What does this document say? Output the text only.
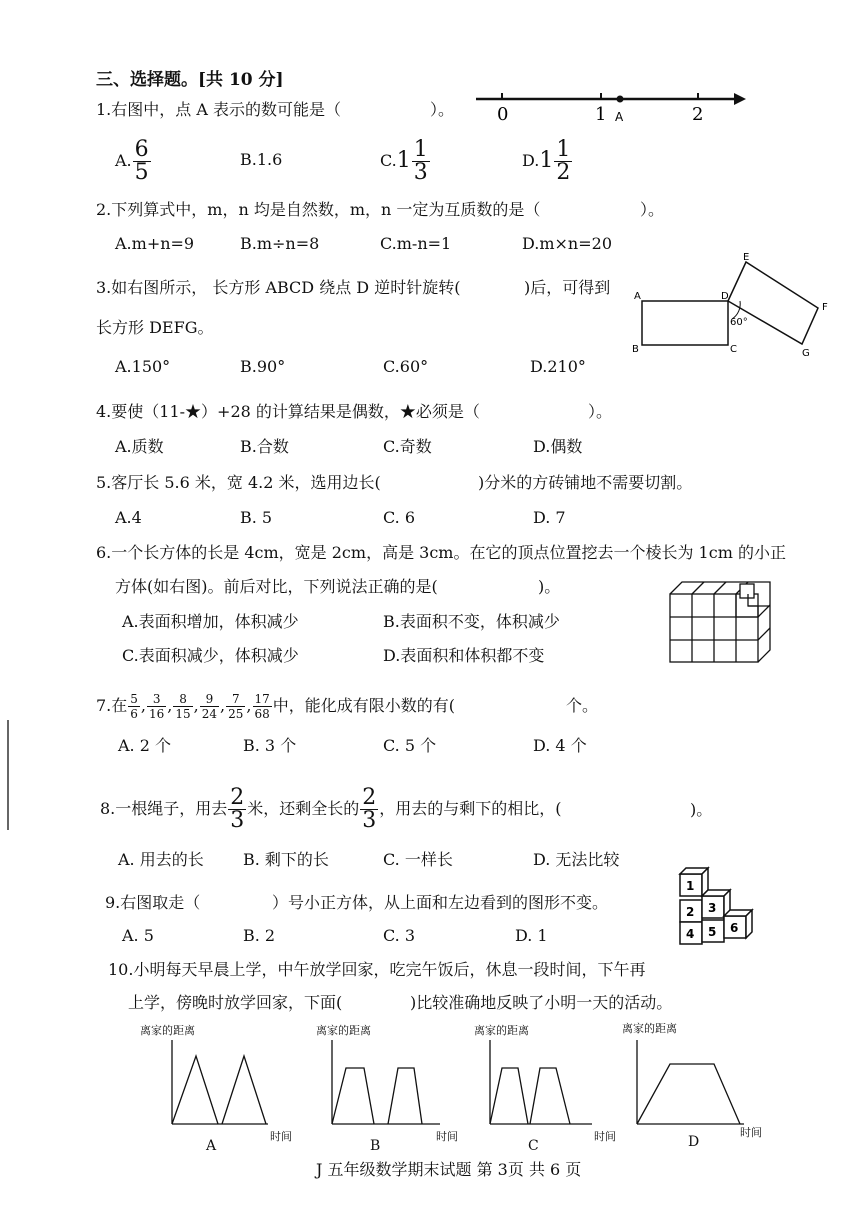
三、选择题。[共 10 分]
1.右图中，点 A 表示的数可能是（	）。 0	1 A	2
A. $\frac{6}{5}$	B.1.6	C. $1 \frac{1}{3}$	D. $1 \frac{1}{2}$
2.下列算式中，m，n 均是自然数，m，n 一定为互质数的是（	）。
A.m+n=9	B.m÷n=8	C.m-n=1	D.m×n=20
3.如右图所示， 长方形 ABCD 绕点 D 逆时针旋转(	)后，可得到
长方形 DEFG。
A.150°	B.90°	C.60°	D.210°
A	D
E
F
B	C	G
60°
4.要使（11-★）+28 的计算结果是偶数，★必须是（	）。
A.质数	B.合数	C.奇数	D.偶数
5.客厅长 5.6 米，宽 4.2 米，选用边长(	)分米的方砖铺地不需要切割。
A.4	B. 5	C. 6	D. 7
6.一个长方体的长是 4cm，宽是 2cm，高是 3cm。在它的顶点位置挖去一个棱长为 1cm 的小正
方体(如右图)。前后对比，下列说法正确的是(	)。
A.表面积增加，体积减少	B.表面积不变，体积减少
C.表面积减少，体积减少	D.表面积和体积都不变
7.在 $\frac{5}{6}$ , $\frac{3}{16}$ , $\frac{8}{15}$ , $\frac{9}{24}$ , $\frac{7}{25}$ , $\frac{17}{68}$ 中，能化成有限小数的有(	个。
A. 2 个	B. 3 个	C. 5 个	D. 4 个
8.一根绳子，用去 $\frac{2}{3}$ 米，还剩全长的 $\frac{2}{3}$ ，用去的与剩下的相比，(	)。
A. 用去的长 B. 剩下的长	C. 一样长	D. 无法比较
9.右图取走（	）号小正方体，从上面和左边看到的图形不变。
A. 5	B. 2	C. 3	D. 1
1
2 3
4 5 6
10.小明每天早晨上学，中午放学回家，吃完午饭后，休息一段时间，下午再
上学，傍晚时放学回家，下面(	)比较准确地反映了小明一天的活动。
离家的距离	离家的距离	离家的距离	离家的距离
时间	时间	时间	时间
A	B	C	D
J 五年级数学期末试题 第 3页 共 6 页
